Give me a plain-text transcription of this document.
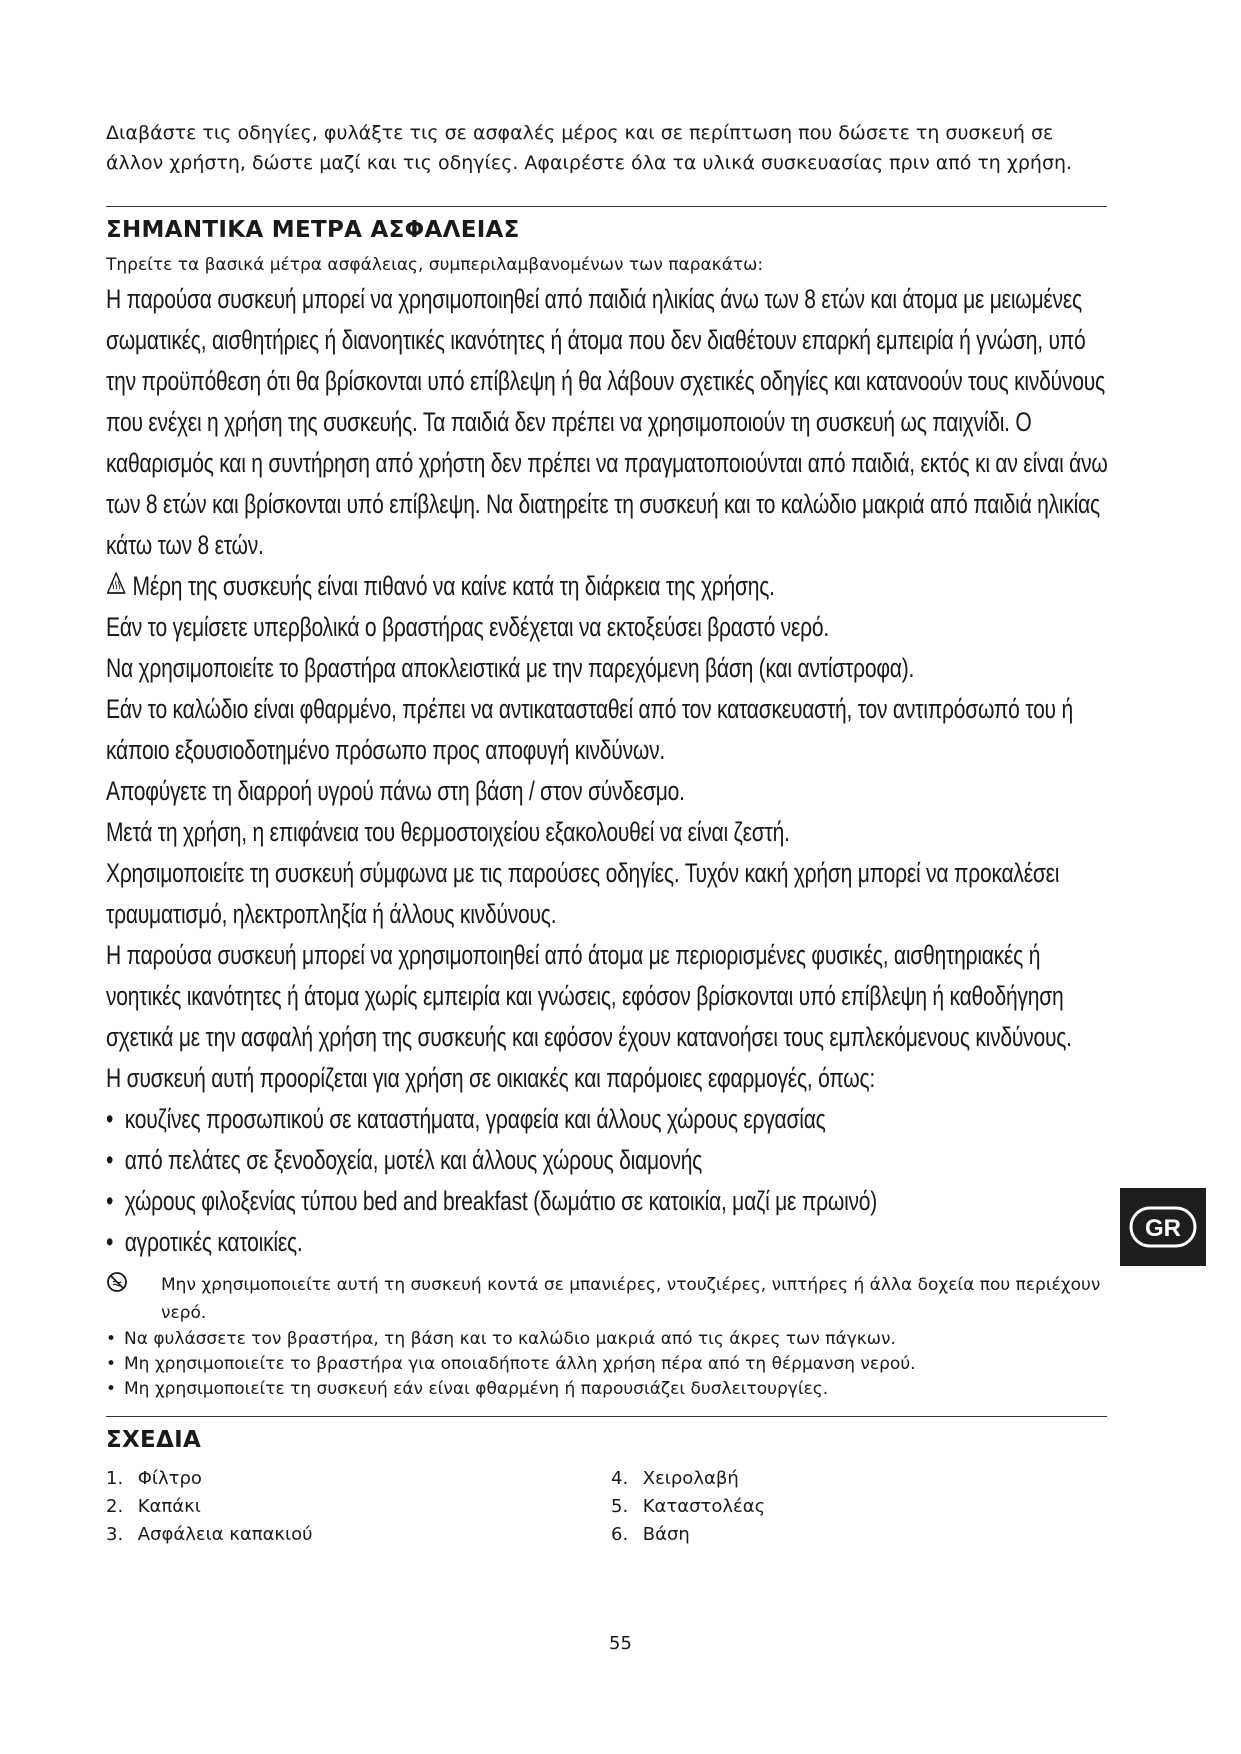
Διαβάστε τις οδηγίες, φυλάξτε τις σε ασφαλές μέρος και σε περίπτωση που δώσετε τη συσκευή σε άλλον χρήστη, δώστε μαζί και τις οδηγίες. Αφαιρέστε όλα τα υλικά συσκευασίας πριν από τη χρήση.

ΣΗΜΑΝΤΙΚΑ ΜΕΤΡΑ ΑΣΦΑΛΕΙΑΣ

Τηρείτε τα βασικά μέτρα ασφάλειας, συμπεριλαμβανομένων των παρακάτω:

Η παρούσα συσκευή μπορεί να χρησιμοποιηθεί από παιδιά ηλικίας άνω των 8 ετών και άτομα με μειωμένες σωματικές, αισθητήριες ή διανοητικές ικανότητες ή άτομα που δεν διαθέτουν επαρκή εμπειρία ή γνώση, υπό την προϋπόθεση ότι θα βρίσκονται υπό επίβλεψη ή θα λάβουν σχετικές οδηγίες και κατανοούν τους κινδύνους που ενέχει η χρήση της συσκευής. Τα παιδιά δεν πρέπει να χρησιμοποιούν τη συσκευή ως παιχνίδι. Ο καθαρισμός και η συντήρηση από χρήστη δεν πρέπει να πραγματοποιούνται από παιδιά, εκτός κι αν είναι άνω των 8 ετών και βρίσκονται υπό επίβλεψη. Να διατηρείτε τη συσκευή και το καλώδιο μακριά από παιδιά ηλικίας κάτω των 8 ετών.

Μέρη της συσκευής είναι πιθανό να καίνε κατά τη διάρκεια της χρήσης.

Εάν το γεμίσετε υπερβολικά ο βραστήρας ενδέχεται να εκτοξεύσει βραστό νερό.

Να χρησιμοποιείτε το βραστήρα αποκλειστικά με την παρεχόμενη βάση (και αντίστροφα).

Εάν το καλώδιο είναι φθαρμένο, πρέπει να αντικατασταθεί από τον κατασκευαστή, τον αντιπρόσωπό του ή κάποιο εξουσιοδοτημένο πρόσωπο προς αποφυγή κινδύνων.

Αποφύγετε τη διαρροή υγρού πάνω στη βάση / στον σύνδεσμο.

Μετά τη χρήση, η επιφάνεια του θερμοστοιχείου εξακολουθεί να είναι ζεστή.

Χρησιμοποιείτε τη συσκευή σύμφωνα με τις παρούσες οδηγίες. Τυχόν κακή χρήση μπορεί να προκαλέσει τραυματισμό, ηλεκτροπληξία ή άλλους κινδύνους.

Η παρούσα συσκευή μπορεί να χρησιμοποιηθεί από άτομα με περιορισμένες φυσικές, αισθητηριακές ή νοητικές ικανότητες ή άτομα χωρίς εμπειρία και γνώσεις, εφόσον βρίσκονται υπό επίβλεψη ή καθοδήγηση σχετικά με την ασφαλή χρήση της συσκευής και εφόσον έχουν κατανοήσει τους εμπλεκόμενους κινδύνους.

Η συσκευή αυτή προορίζεται για χρήση σε οικιακές και παρόμοιες εφαρμογές, όπως:

• κουζίνες προσωπικού σε καταστήματα, γραφεία και άλλους χώρους εργασίας
• από πελάτες σε ξενοδοχεία, μοτέλ και άλλους χώρους διαμονής
• χώρους φιλοξενίας τύπου bed and breakfast (δωμάτιο σε κατοικία, μαζί με πρωινό)
• αγροτικές κατοικίες.
Μην χρησιμοποιείτε αυτή τη συσκευή κοντά σε μπανιέρες, ντουζιέρες, νιπτήρες ή άλλα δοχεία που περιέχουν νερό.
• Να φυλάσσετε τον βραστήρα, τη βάση και το καλώδιο μακριά από τις άκρες των πάγκων.
• Μη χρησιμοποιείτε το βραστήρα για οποιαδήποτε άλλη χρήση πέρα από τη θέρμανση νερού.
• Μη χρησιμοποιείτε τη συσκευή εάν είναι φθαρμένη ή παρουσιάζει δυσλειτουργίες.
ΣΧΕΔΙΑ
1. Φίλτρο
2. Καπάκι
3. Ασφάλεια καπακιού
4. Χειρολαβή
5. Καταστολέας
6. Βάση
55
GR
